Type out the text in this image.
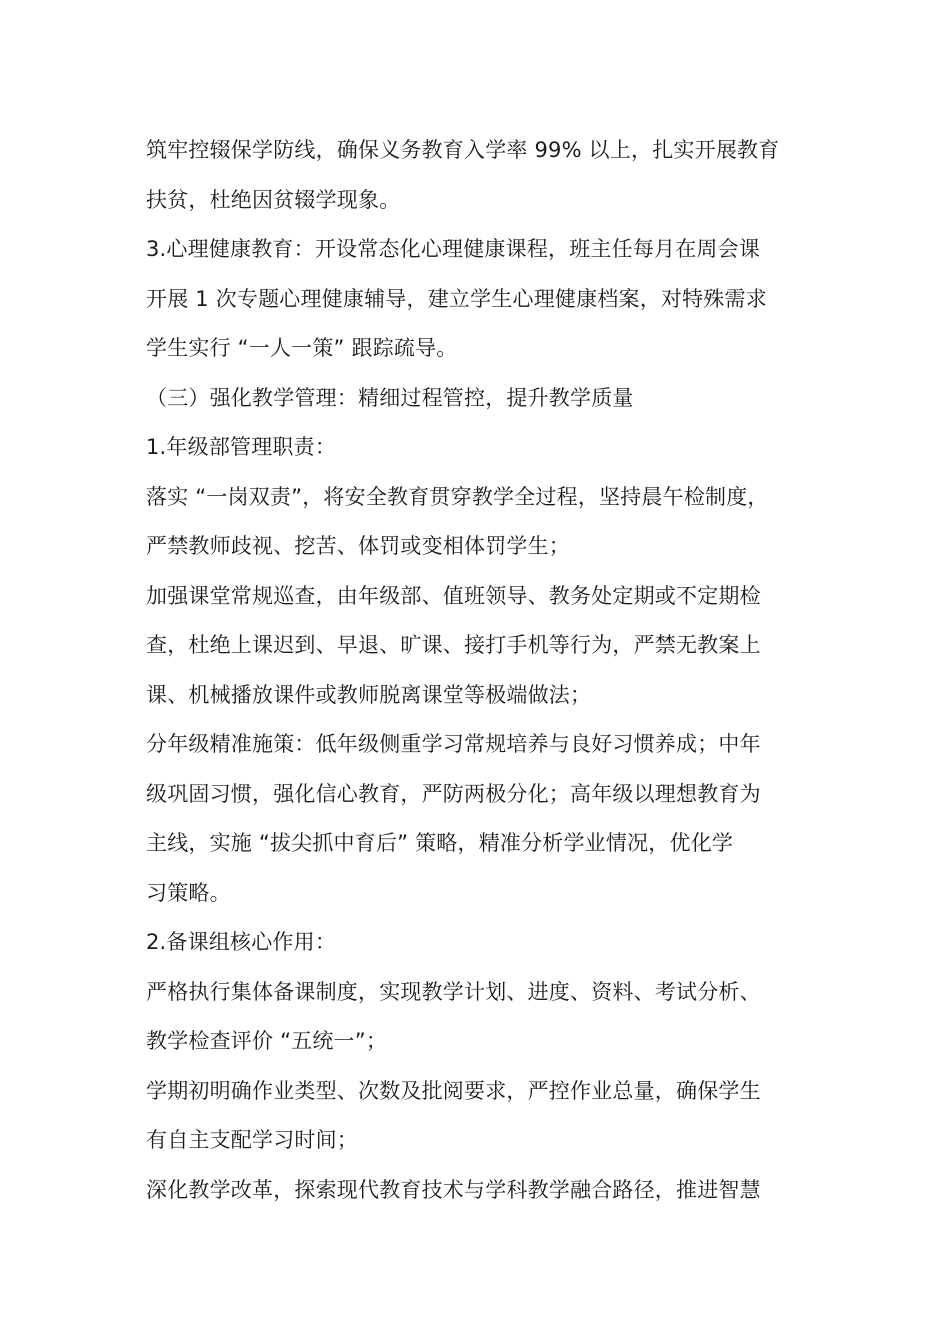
筑牢控辍保学防线，确保义务教育入学率 99% 以上，扎实开展教育
扶贫，杜绝因贫辍学现象。
3.心理健康教育：开设常态化心理健康课程，班主任每月在周会课
开展 1 次专题心理健康辅导，建立学生心理健康档案，对特殊需求
学生实行 “一人一策” 跟踪疏导。
（三）强化教学管理：精细过程管控，提升教学质量
1.年级部管理职责：
落实 “一岗双责”，将安全教育贯穿教学全过程，坚持晨午检制度，
严禁教师歧视、挖苦、体罚或变相体罚学生；
加强课堂常规巡查，由年级部、值班领导、教务处定期或不定期检
查，杜绝上课迟到、早退、旷课、接打手机等行为，严禁无教案上
课、机械播放课件或教师脱离课堂等极端做法；
分年级精准施策：低年级侧重学习常规培养与良好习惯养成；中年
级巩固习惯，强化信心教育，严防两极分化；高年级以理想教育为
主线，实施 “拔尖抓中育后” 策略，精准分析学业情况，优化学
习策略。
2.备课组核心作用：
严格执行集体备课制度，实现教学计划、进度、资料、考试分析、
教学检查评价 “五统一”；
学期初明确作业类型、次数及批阅要求，严控作业总量，确保学生
有自主支配学习时间；
深化教学改革，探索现代教育技术与学科教学融合路径，推进智慧
